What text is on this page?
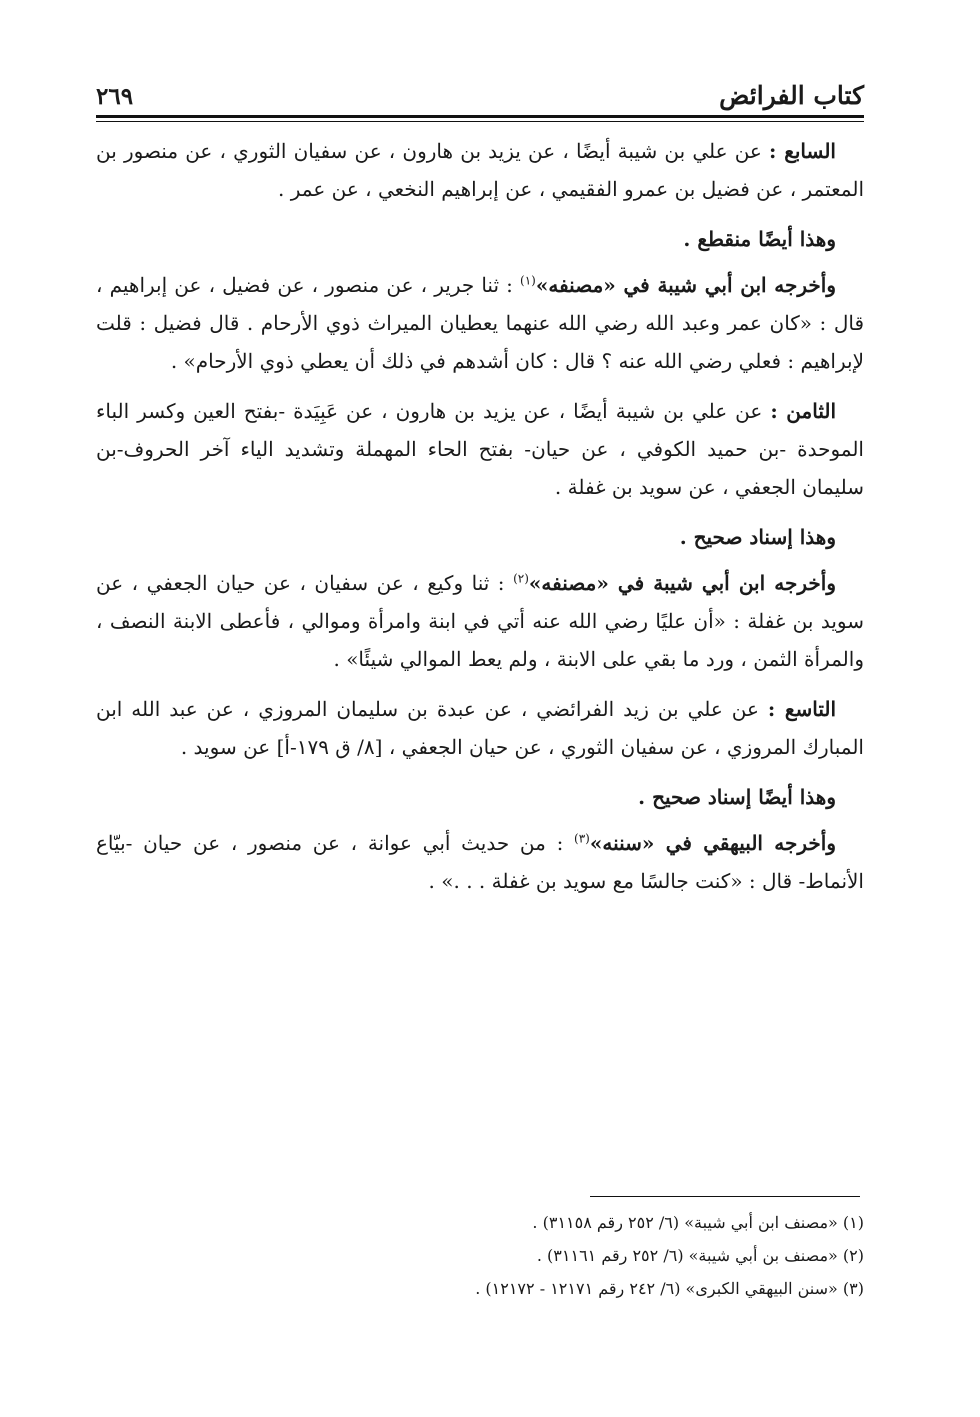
كتاب الفرائض
٢٦٩

السابع : عن علي بن شيبة أيضًا ، عن يزيد بن هارون ، عن سفيان الثوري ، عن منصور بن المعتمر ، عن فضيل بن عمرو الفقيمي ، عن إبراهيم النخعي ، عن عمر .

وهذا أيضًا منقطع .

وأخرجه ابن أبي شيبة في «مصنفه»$^{(١)}$ : ثنا جرير ، عن منصور ، عن فضيل ، عن إبراهيم ، قال : «كان عمر وعبد الله رضي الله عنهما يعطيان الميراث ذوي الأرحام . قال فضيل : قلت لإبراهيم : فعلي رضي الله عنه ؟ قال : كان أشدهم في ذلك أن يعطي ذوي الأرحام» .

الثامن : عن علي بن شيبة أيضًا ، عن يزيد بن هارون ، عن عَبِيَدة -بفتح العين وكسر الباء الموحدة -بن حميد الكوفي ، عن حيان- بفتح الحاء المهملة وتشديد الياء آخر الحروف-بن سليمان الجعفي ، عن سويد بن غفلة .

وهذا إسناد صحيح .

وأخرجه ابن أبي شيبة في «مصنفه»$^{(٢)}$ : ثنا وكيع ، عن سفيان ، عن حيان الجعفي ، عن سويد بن غفلة : «أن عليًا رضي الله عنه أتي في ابنة وامرأة وموالي ، فأعطى الابنة النصف ، والمرأة الثمن ، ورد ما بقي على الابنة ، ولم يعط الموالي شيئًا» .

التاسع : عن علي بن زيد الفرائضي ، عن عبدة بن سليمان المروزي ، عن عبد الله ابن المبارك المروزي ، عن سفيان الثوري ، عن حيان الجعفي ، [٨/ ق ١٧٩-أ] عن سويد .

وهذا أيضًا إسناد صحيح .

وأخرجه البيهقي في «سننه»$^{(٣)}$ : من حديث أبي عوانة ، عن منصور ، عن حيان -بيّاع الأنماط- قال : «كنت جالسًا مع سويد بن غفلة . . .» .

(١) «مصنف ابن أبي شيبة» (٦/ ٢٥٢ رقم ٣١١٥٨) .

(٢) «مصنف بن أبي شيبة» (٦/ ٢٥٢ رقم ٣١١٦١) .

(٣) «سنن البيهقي الكبرى» (٦/ ٢٤٢ رقم ١٢١٧١ - ١٢١٧٢) .
